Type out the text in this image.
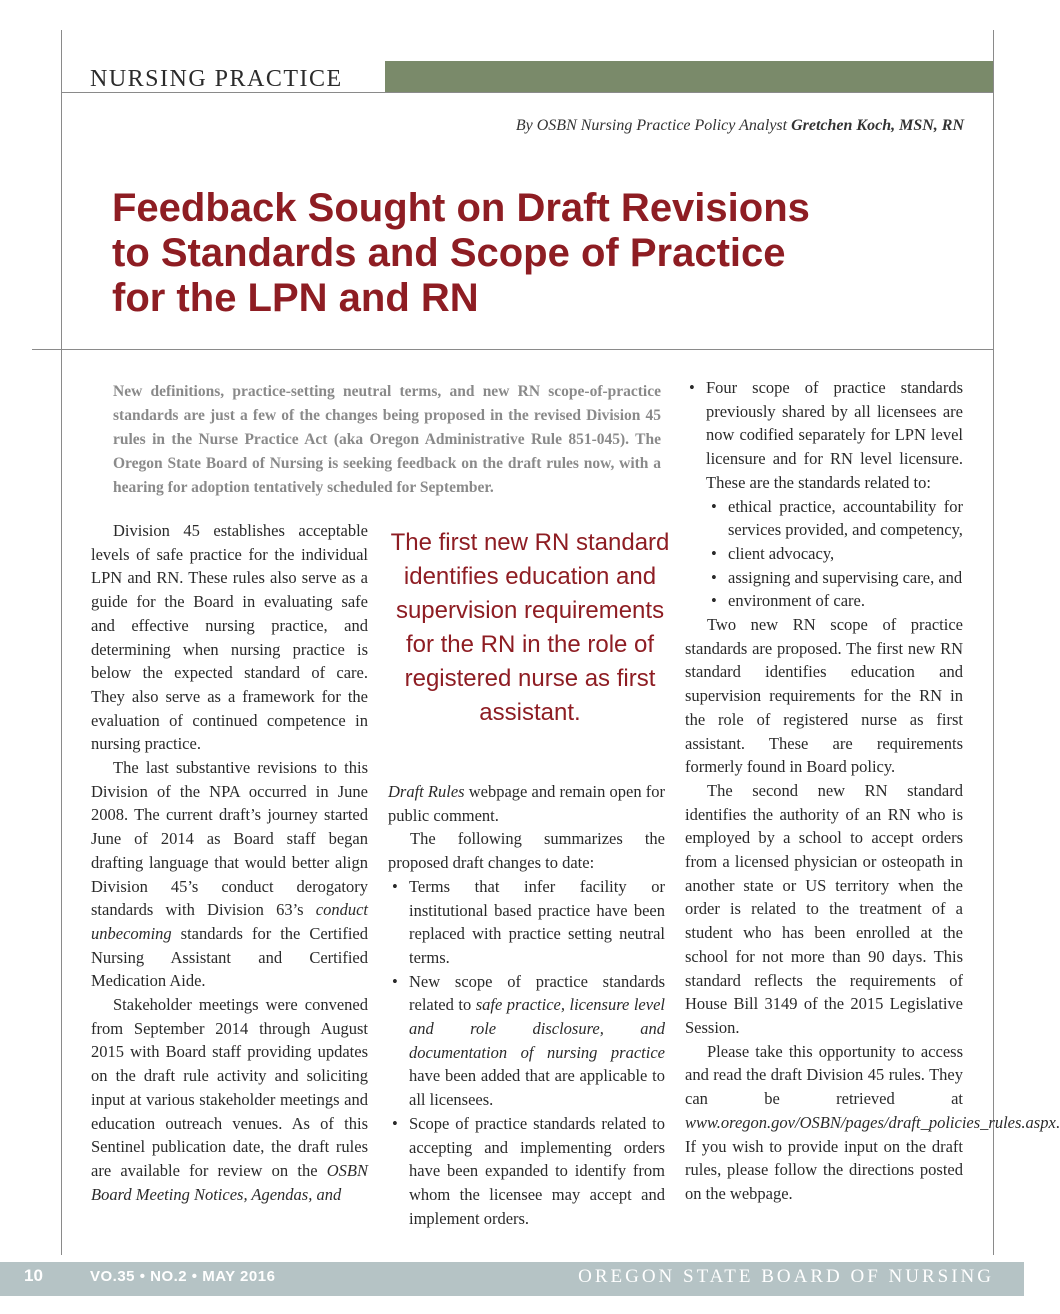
NURSING PRACTICE
By OSBN Nursing Practice Policy Analyst Gretchen Koch, MSN, RN
Feedback Sought on Draft Revisions
to Standards and Scope of Practice
for the LPN and RN
New definitions, practice-setting neutral terms, and new RN scope-of-practice standards are just a few of the changes being proposed in the revised Division 45 rules in the Nurse Practice Act (aka Oregon Administrative Rule 851-045). The Oregon State Board of Nursing is seeking feedback on the draft rules now, with a hearing for adoption tentatively scheduled for September.

Division 45 establishes acceptable levels of safe practice for the individual LPN and RN. These rules also serve as a guide for the Board in evaluating safe and effective nursing practice, and determining when nursing practice is below the expected standard of care. They also serve as a framework for the evaluation of continued competence in nursing practice.

The last substantive revisions to this Division of the NPA occurred in June 2008. The current draft’s journey started June of 2014 as Board staff began drafting language that would better align Division 45’s conduct derogatory standards with Division 63’s conduct unbecoming standards for the Certified Nursing Assistant and Certified Medication Aide.

Stakeholder meetings were convened from September 2014 through August 2015 with Board staff providing updates on the draft rule activity and soliciting input at various stakeholder meetings and education outreach venues. As of this Sentinel publication date, the draft rules are available for review on the OSBN Board Meeting Notices, Agendas, and

The first new RN standard identifies education and supervision requirements for the RN in the role of registered nurse as first assistant.

Draft Rules webpage and remain open for public comment.

The following summarizes the proposed draft changes to date:

• Terms that infer facility or institutional based practice have been replaced with practice setting neutral terms.
• New scope of practice standards related to safe practice, licensure level and role disclosure, and documentation of nursing practice have been added that are applicable to all licensees.
• Scope of practice standards related to accepting and implementing orders have been expanded to identify from whom the licensee may accept and implement orders.
• Four scope of practice standards previously shared by all licensees are now codified separately for LPN level licensure and for RN level licensure. These are the standards related to:
• ethical practice, accountability for services provided, and competency,
• client advocacy,
• assigning and supervising care, and
• environment of care.

Two new RN scope of practice standards are proposed. The first new RN standard identifies education and supervision requirements for the RN in the role of registered nurse as first assistant. These are requirements formerly found in Board policy.

The second new RN standard identifies the authority of an RN who is employed by a school to accept orders from a licensed physician or osteopath in another state or US territory when the order is related to the treatment of a student who has been enrolled at the school for not more than 90 days. This standard reflects the requirements of House Bill 3149 of the 2015 Legislative Session.

Please take this opportunity to access and read the draft Division 45 rules. They can be retrieved at www.oregon.gov/OSBN/pages/draft_policies_rules.aspx. If you wish to provide input on the draft rules, please follow the directions posted on the webpage.

10	VO.35 • NO.2 • MAY 2016	OREGON STATE BOARD OF NURSING
